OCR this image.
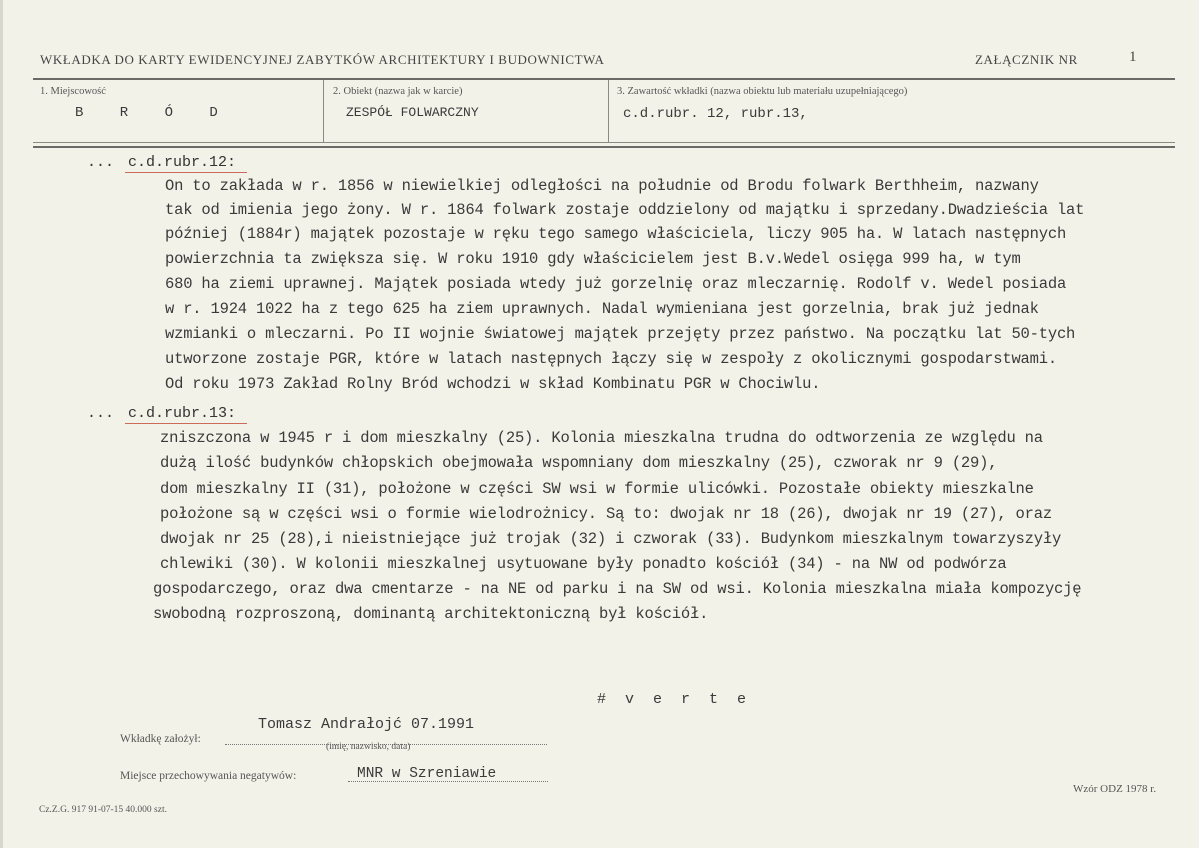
WKŁADKA DO KARTY EWIDENCYJNEJ ZABYTKÓW ARCHITEKTURY I BUDOWNICTWA	ZAŁĄCZNIK NR	1
1. Miejscowość
B R Ó D
2. Obiekt (nazwa jak w karcie)
ZESPÓŁ FOLWARCZNY
3. Zawartość wkładki (nazwa obiektu lub materiału uzupełniającego)
c.d.rubr. 12, rubr.13,
... c.d.rubr.12:
On to zakłada w r. 1856 w niewielkiej odległości na południe od Brodu folwark Berthheim, nazwany
tak od imienia jego żony. W r. 1864 folwark zostaje oddzielony od majątku i sprzedany.Dwadzieścia lat
później (1884r) majątek pozostaje w ręku tego samego właściciela, liczy 905 ha. W latach następnych
powierzchnia ta zwiększa się. W roku 1910 gdy właścicielem jest B.v.Wedel osięga 999 ha, w tym
680 ha ziemi uprawnej. Majątek posiada wtedy już gorzelnię oraz mleczarnię. Rodolf v. Wedel posiada
w r. 1924 1022 ha z tego 625 ha ziem uprawnych. Nadal wymieniana jest gorzelnia, brak już jednak
wzmianki o mleczarni. Po II wojnie światowej majątek przejęty przez państwo. Na początku lat 50-tych
utworzone zostaje PGR, które w latach następnych łączy się w zespoły z okolicznymi gospodarstwami.
Od roku 1973 Zakład Rolny Bród wchodzi w skład Kombinatu PGR w Chociwlu.
... c.d.rubr.13:
zniszczona w 1945 r i dom mieszkalny (25). Kolonia mieszkalna trudna do odtworzenia ze względu na
dużą ilość budynków chłopskich obejmowała wspomniany dom mieszkalny (25), czworak nr 9 (29),
dom mieszkalny II (31), położone w części SW wsi w formie ulicówki. Pozostałe obiekty mieszkalne
położone są w części wsi o formie wielodrożnicy. Są to: dwojak nr 18 (26), dwojak nr 19 (27), oraz
dwojak nr 25 (28),i nieistniejące już trojak (32) i czworak (33). Budynkom mieszkalnym towarzyszyły
chlewiki (30). W kolonii mieszkalnej usytuowane były ponadto kościół (34) - na NW od podwórza
gospodarczego, oraz dwa cmentarze - na NE od parku i na SW od wsi. Kolonia mieszkalna miała kompozycję
swobodną rozproszoną, dominantą architektoniczną był kościół.
# v e r t e
Wkładkę założył:
Tomasz Andrałojć 07.1991
(imię, nazwisko, data)
Miejsce przechowywania negatywów:	MNR w Szreniawie
Cz.Z.G. 917 91-07-15 40.000 szt.
Wzór ODZ 1978 r.
